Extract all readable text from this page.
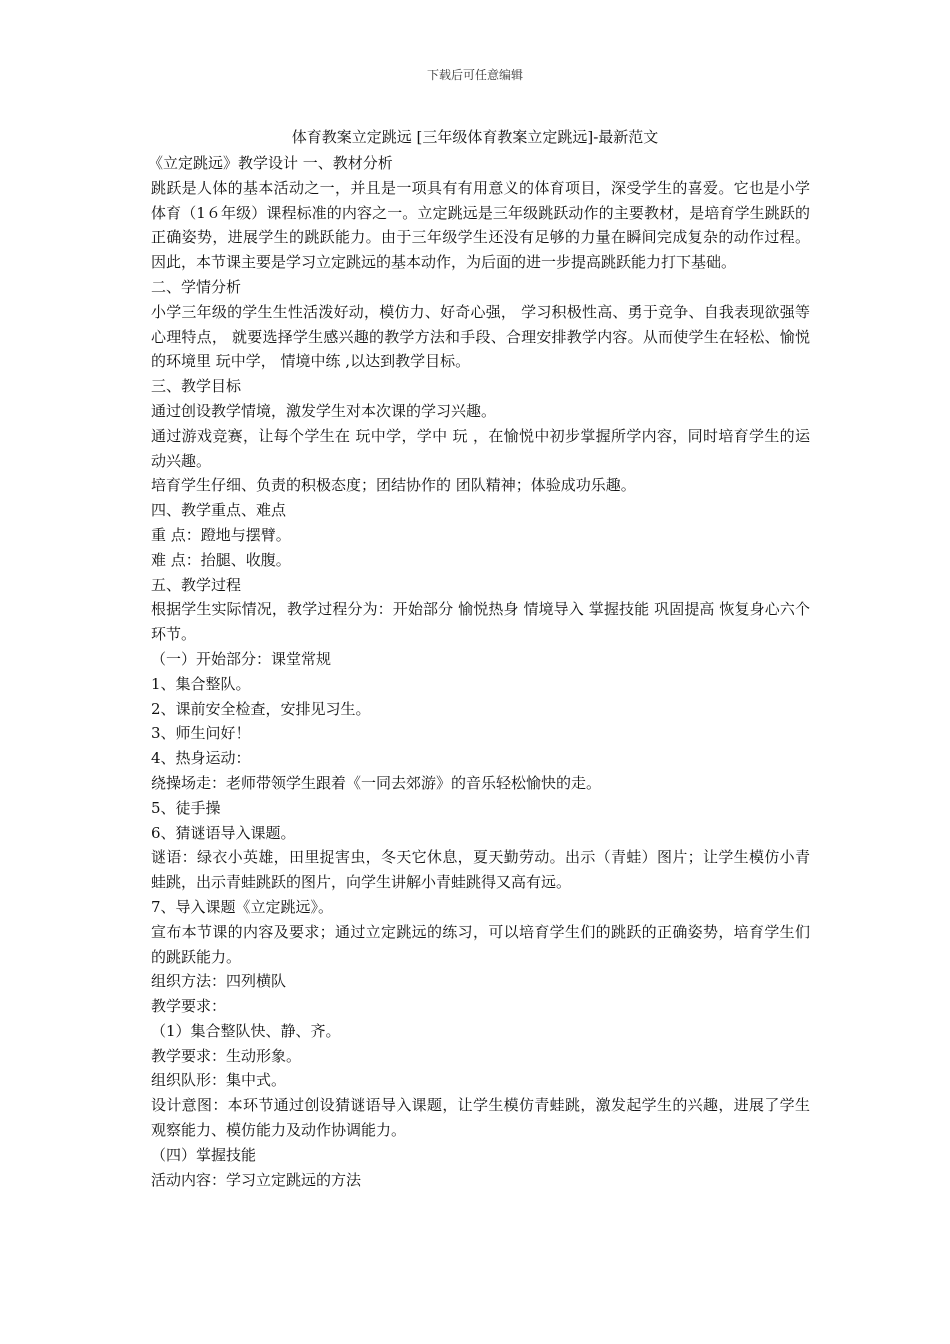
下载后可任意编辑
体育教案立定跳远 [三年级体育教案立定跳远]-最新范文

《立定跳远》教学设计 一、教材分析

跳跃是人体的基本活动之一，并且是一项具有有用意义的体育项目，深受学生的喜爱。它也是小学体育（1６年级）课程标准的内容之一。立定跳远是三年级跳跃动作的主要教材，是培育学生跳跃的正确姿势，进展学生的跳跃能力。由于三年级学生还没有足够的力量在瞬间完成复杂的动作过程。因此，本节课主要是学习立定跳远的基本动作，为后面的进一步提高跳跃能力打下基础。

二、学情分析

小学三年级的学生生性活泼好动，模仿力、好奇心强， 学习积极性高、勇于竞争、自我表现欲强等心理特点， 就要选择学生感兴趣的教学方法和手段、合理安排教学内容。从而使学生在轻松、愉悦的环境里 玩中学， 情境中练 ,以达到教学目标。

三、教学目标

通过创设教学情境，激发学生对本次课的学习兴趣。

通过游戏竞赛，让每个学生在 玩中学，学中 玩 ，在愉悦中初步掌握所学内容，同时培育学生的运动兴趣。

培育学生仔细、负责的积极态度；团结协作的 团队精神；体验成功乐趣。

四、教学重点、难点

重 点：蹬地与摆臂。

难 点：抬腿、收腹。

五、教学过程

根据学生实际情况，教学过程分为：开始部分 愉悦热身 情境导入 掌握技能 巩固提高 恢复身心六个环节。

（一）开始部分：课堂常规

1、集合整队。

2、课前安全检查，安排见习生。

3、师生问好！

4、热身运动：

绕操场走：老师带领学生跟着《一同去郊游》的音乐轻松愉快的走。

5、徒手操

6、猜谜语导入课题。

谜语：绿衣小英雄，田里捉害虫，冬天它休息，夏天勤劳动。出示（青蛙）图片；让学生模仿小青蛙跳，出示青蛙跳跃的图片，向学生讲解小青蛙跳得又高有远。

7、导入课题《立定跳远》。

宣布本节课的内容及要求；通过立定跳远的练习，可以培育学生们的跳跃的正确姿势，培育学生们的跳跃能力。

组织方法：四列横队

教学要求：

（1）集合整队快、静、齐。

教学要求：生动形象。

组织队形：集中式。

设计意图：本环节通过创设猜谜语导入课题，让学生模仿青蛙跳，激发起学生的兴趣，进展了学生观察能力、模仿能力及动作协调能力。

（四）掌握技能

活动内容：学习立定跳远的方法
